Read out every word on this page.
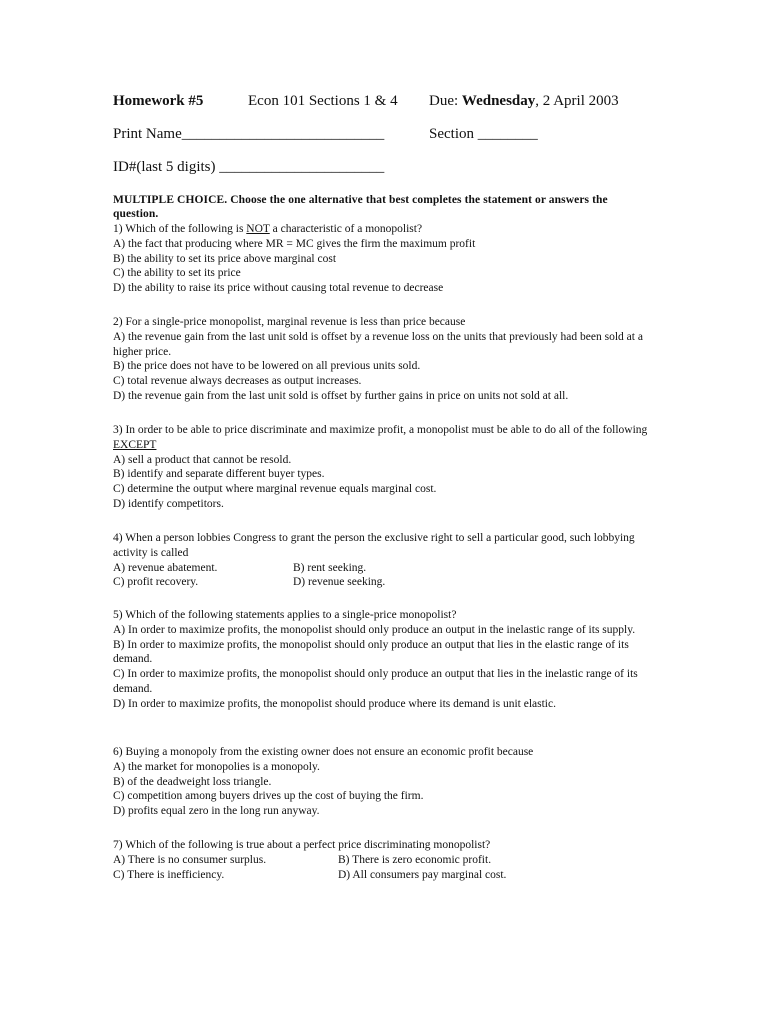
Homework #5	Econ 101 Sections 1 & 4 Due: Wednesday, 2 April 2003
Print Name___________________________	Section ________
ID#(last 5 digits) ______________________
MULTIPLE CHOICE. Choose the one alternative that best completes the statement or answers the question.
1) Which of the following is NOT a characteristic of a monopolist?
A) the fact that producing where MR = MC gives the firm the maximum profit
B) the ability to set its price above marginal cost
C) the ability to set its price
D) the ability to raise its price without causing total revenue to decrease
2) For a single-price monopolist, marginal revenue is less than price because
A) the revenue gain from the last unit sold is offset by a revenue loss on the units that previously had been sold at a higher price.
B) the price does not have to be lowered on all previous units sold.
C) total revenue always decreases as output increases.
D) the revenue gain from the last unit sold is offset by further gains in price on units not sold at all.
3) In order to be able to price discriminate and maximize profit, a monopolist must be able to do all of the following EXCEPT
A) sell a product that cannot be resold.
B) identify and separate different buyer types.
C) determine the output where marginal revenue equals marginal cost.
D) identify competitors.
4) When a person lobbies Congress to grant the person the exclusive right to sell a particular good, such lobbying activity is called
A) revenue abatement.	B) rent seeking.
C) profit recovery.	D) revenue seeking.
5) Which of the following statements applies to a single-price monopolist?
A) In order to maximize profits, the monopolist should only produce an output in the inelastic range of its supply.
B) In order to maximize profits, the monopolist should only produce an output that lies in the elastic range of its demand.
C) In order to maximize profits, the monopolist should only produce an output that lies in the inelastic range of its demand.
D) In order to maximize profits, the monopolist should produce where its demand is unit elastic.
6) Buying a monopoly from the existing owner does not ensure an economic profit because
A) the market for monopolies is a monopoly.
B) of the deadweight loss triangle.
C) competition among buyers drives up the cost of buying the firm.
D) profits equal zero in the long run anyway.
7) Which of the following is true about a perfect price discriminating monopolist?
A) There is no consumer surplus.	B) There is zero economic profit.
C) There is inefficiency.	D) All consumers pay marginal cost.
